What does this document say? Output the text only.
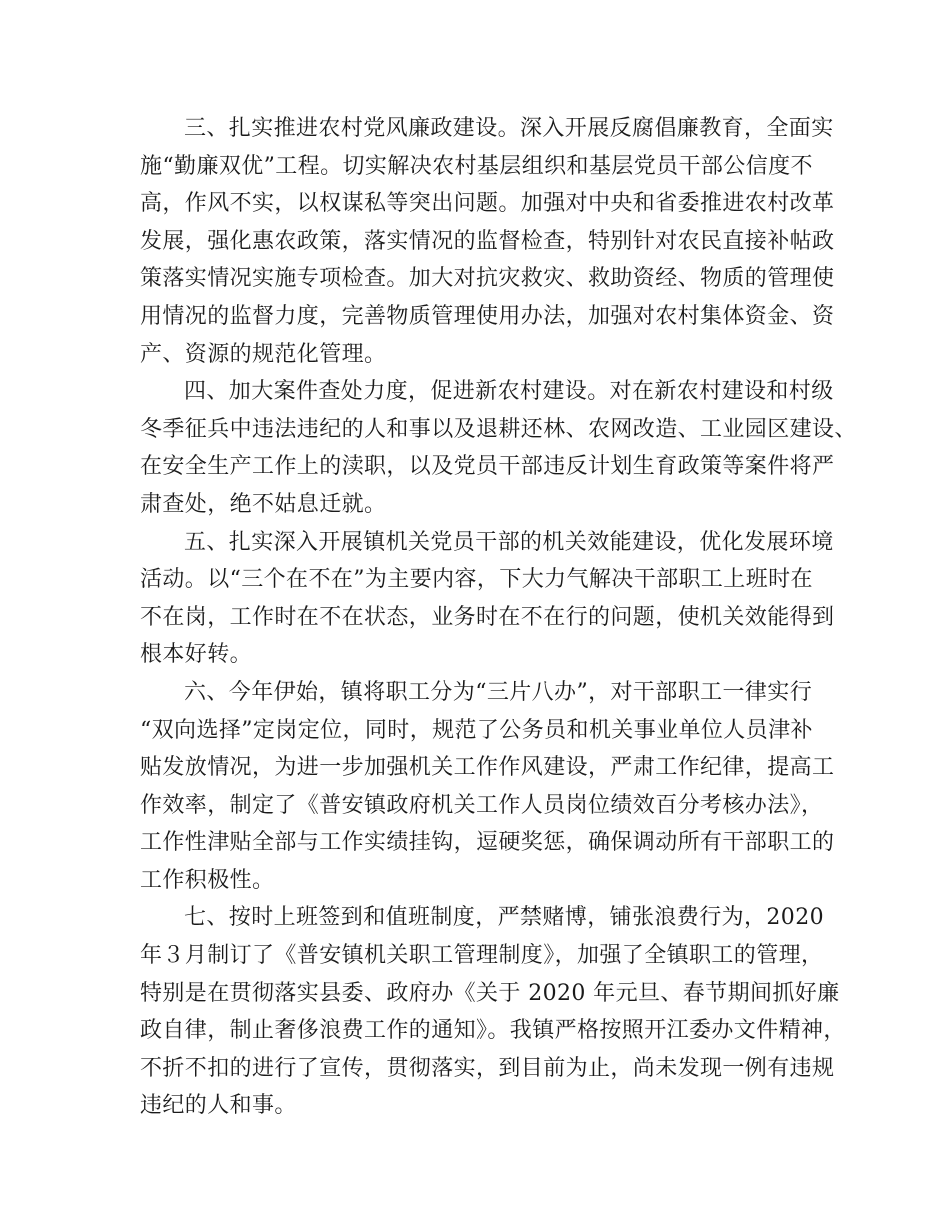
三、扎实推进农村党风廉政建设。深入开展反腐倡廉教育，全面实
施“勤廉双优”工程。切实解决农村基层组织和基层党员干部公信度不
高，作风不实，以权谋私等突出问题。加强对中央和省委推进农村改革
发展，强化惠农政策，落实情况的监督检查，特别针对农民直接补帖政
策落实情况实施专项检查。加大对抗灾救灾、救助资经、物质的管理使
用情况的监督力度，完善物质管理使用办法，加强对农村集体资金、资
产、资源的规范化管理。
四、加大案件查处力度，促进新农村建设。对在新农村建设和村级
冬季征兵中违法违纪的人和事以及退耕还林、农网改造、工业园区建设、
在安全生产工作上的渎职，以及党员干部违反计划生育政策等案件将严
肃查处，绝不姑息迁就。
五、扎实深入开展镇机关党员干部的机关效能建设，优化发展环境
活动。以“三个在不在”为主要内容，下大力气解决干部职工上班时在
不在岗，工作时在不在状态，业务时在不在行的问题，使机关效能得到
根本好转。
六、今年伊始，镇将职工分为“三片八办”，对干部职工一律实行
“双向选择”定岗定位，同时，规范了公务员和机关事业单位人员津补
贴发放情况，为进一步加强机关工作作风建设，严肃工作纪律，提高工
作效率，制定了《普安镇政府机关工作人员岗位绩效百分考核办法》，
工作性津贴全部与工作实绩挂钩，逗硬奖惩，确保调动所有干部职工的
工作积极性。
七、按时上班签到和值班制度，严禁赌博，铺张浪费行为，2020
年３月制订了《普安镇机关职工管理制度》，加强了全镇职工的管理，
特别是在贯彻落实县委、政府办《关于 2020 年元旦、春节期间抓好廉
政自律，制止奢侈浪费工作的通知》。我镇严格按照开江委办文件精神，
不折不扣的进行了宣传，贯彻落实，到目前为止，尚未发现一例有违规
违纪的人和事。
